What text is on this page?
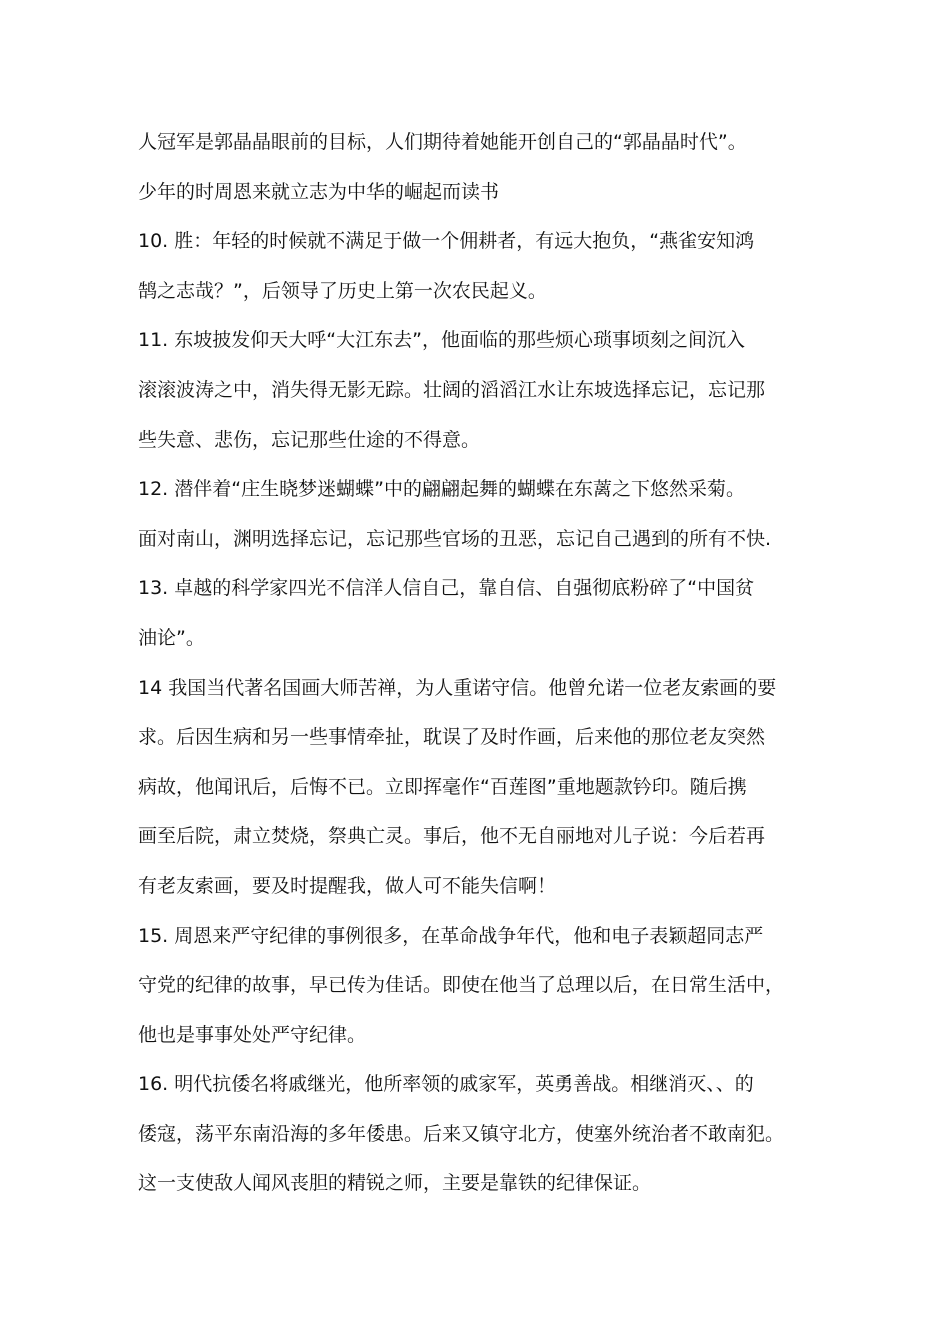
人冠军是郭晶晶眼前的目标，人们期待着她能开创自己的“郭晶晶时代”。
少年的时周恩来就立志为中华的崛起而读书
10. 胜：年轻的时候就不满足于做一个佣耕者，有远大抱负，“燕雀安知鸿
鹄之志哉？”，后领导了历史上第一次农民起义。
11. 东坡披发仰天大呼“大江东去”，他面临的那些烦心琐事顷刻之间沉入
滚滚波涛之中，消失得无影无踪。壮阔的滔滔江水让东坡选择忘记，忘记那
些失意、悲伤，忘记那些仕途的不得意。
12. 潜伴着“庄生晓梦迷蝴蝶”中的翩翩起舞的蝴蝶在东蓠之下悠然采菊。
面对南山，渊明选择忘记，忘记那些官场的丑恶，忘记自己遇到的所有不快.
13. 卓越的科学家四光不信洋人信自己，靠自信、自强彻底粉碎了“中国贫
油论”。
14 我国当代著名国画大师苦禅，为人重诺守信。他曾允诺一位老友索画的要
求。后因生病和另一些事情牵扯，耽误了及时作画，后来他的那位老友突然
病故，他闻讯后，后悔不已。立即挥毫作“百莲图”重地题款钤印。随后携
画至后院，肃立焚烧，祭典亡灵。事后，他不无自丽地对儿子说：今后若再
有老友索画，要及时提醒我，做人可不能失信啊！
15. 周恩来严守纪律的事例很多，在革命战争年代，他和电子表颖超同志严
守党的纪律的故事，早已传为佳话。即使在他当了总理以后，在日常生活中，
他也是事事处处严守纪律。
16. 明代抗倭名将戚继光，他所率领的戚家军，英勇善战。相继消灭、、的
倭寇，荡平东南沿海的多年倭患。后来又镇守北方，使塞外统治者不敢南犯。
这一支使敌人闻风丧胆的精锐之师，主要是靠铁的纪律保证。
